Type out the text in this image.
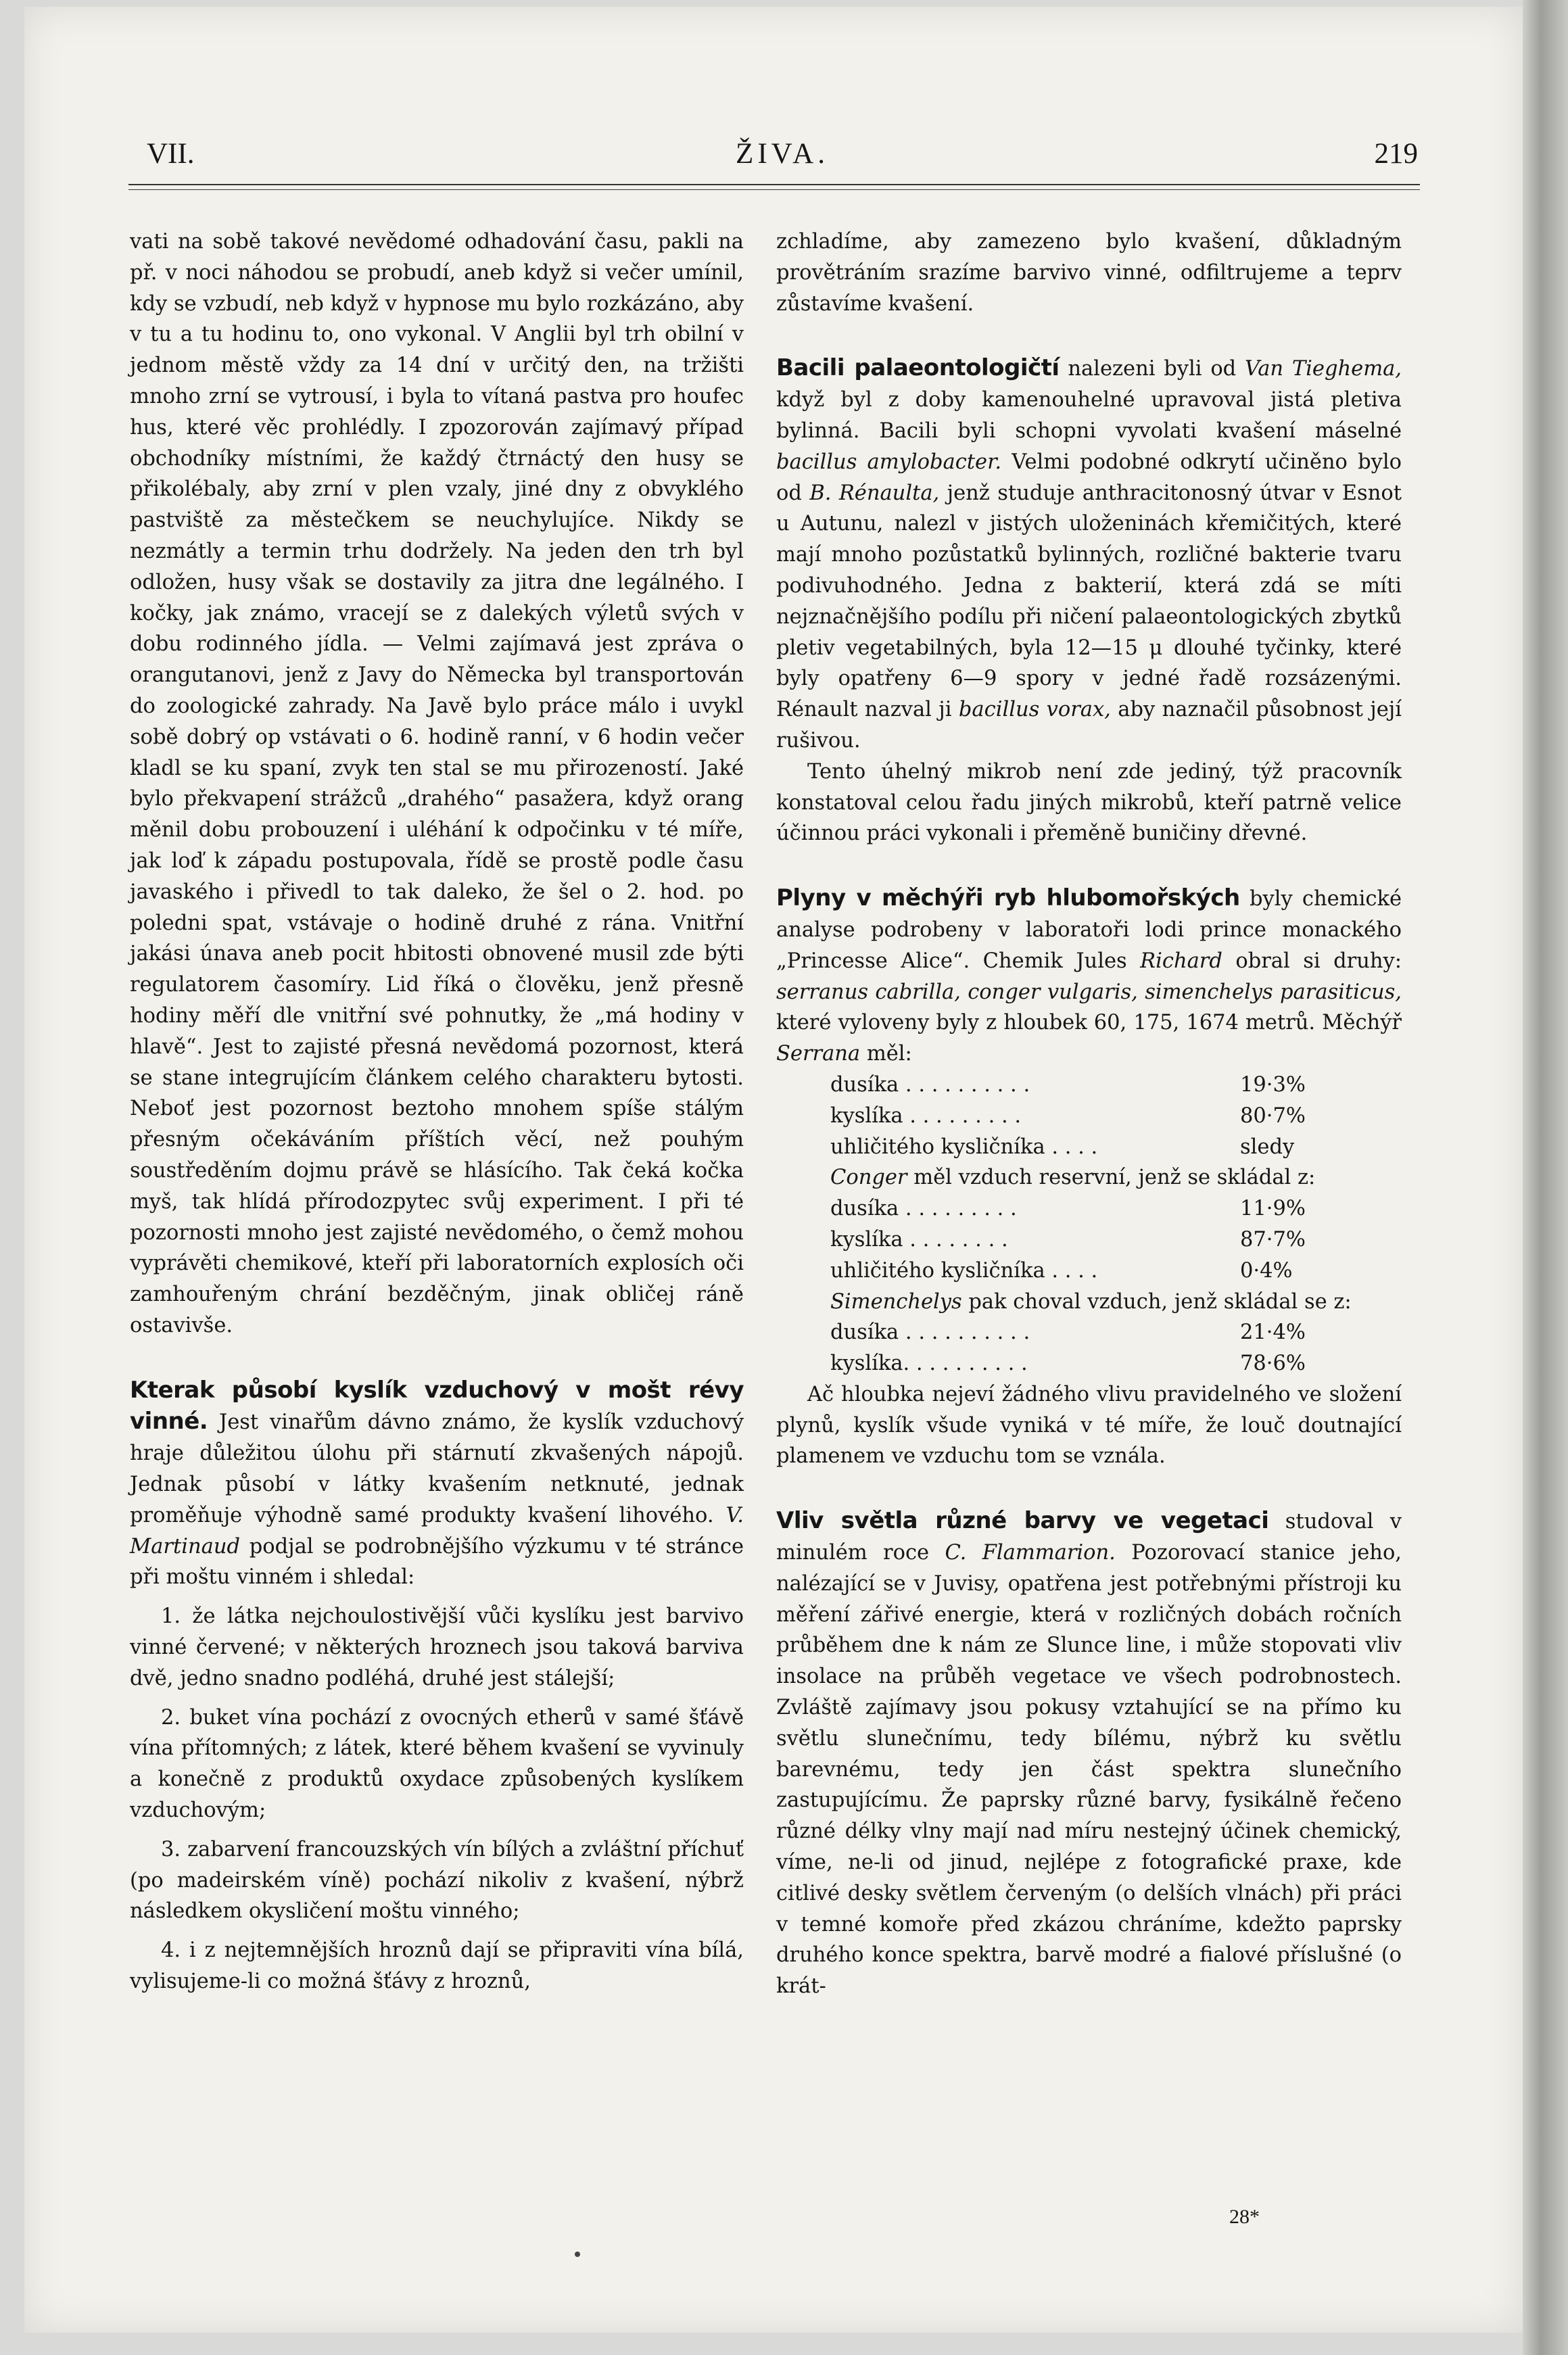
VII.	ŽIVA.	219

vati na sobě takové nevědomé odhadování času, pakli na př. v noci náhodou se probudí, aneb když si večer umínil, kdy se vzbudí, neb když v hypnose mu bylo rozkázáno, aby v tu a tu hodinu to, ono vykonal. V Anglii byl trh obilní v jednom městě vždy za 14 dní v určitý den, na tržišti mnoho zrní se vytrousí, i byla to vítaná pastva pro houfec hus, které věc prohlédly. I zpozorován zajímavý případ obchodníky místními, že každý čtrnáctý den husy se přikolébaly, aby zrní v plen vzaly, jiné dny z obvyklého pastviště za městečkem se neuchylujíce. Nikdy se nezmátly a termin trhu dodržely. Na jeden den trh byl odložen, husy však se dostavily za jitra dne legálného. I kočky, jak známo, vracejí se z dalekých výletů svých v dobu rodinného jídla. — Velmi zajímavá jest zpráva o orangutanovi, jenž z Javy do Německa byl transportován do zoologické zahrady. Na Javě bylo práce málo i uvykl sobě dobrý op vstávati o 6. hodině ranní, v 6 hodin večer kladl se ku spaní, zvyk ten stal se mu přirozeností. Jaké bylo překvapení strážců „drahého“ pasažera, když orang měnil dobu probouzení i uléhání k odpočinku v té míře, jak loď k západu postupovala, řídě se prostě podle času javaského i přivedl to tak daleko, že šel o 2. hod. po poledni spat, vstávaje o hodině druhé z rána. Vnitřní jakási únava aneb pocit hbitosti obnovené musil zde býti regulatorem časomíry. Lid říká o člověku, jenž přesně hodiny měří dle vnitřní své pohnutky, že „má hodiny v hlavě“. Jest to zajisté přesná nevědomá pozornost, která se stane integrujícím článkem celého charakteru bytosti. Neboť jest pozornost beztoho mnohem spíše stálým přesným očekáváním příštích věcí, než pouhým soustředěním dojmu právě se hlásícího. Tak čeká kočka myš, tak hlídá přírodozpytec svůj experiment. I při té pozornosti mnoho jest zajisté nevědomého, o čemž mohou vyprávěti chemikové, kteří při laboratorních explosích oči zamhouřeným chrání bezděčným, jinak obličej ráně ostavivše.

Kterak působí kyslík vzduchový v mošt révy vinné. Jest vinařům dávno známo, že kyslík vzduchový hraje důležitou úlohu při stárnutí zkvašených nápojů. Jednak působí v látky kvašením netknuté, jednak proměňuje výhodně samé produkty kvašení lihového. V. Martinaud podjal se podrobnějšího výzkumu v té stránce při moštu vinném i shledal:

1. že látka nejchoulostivější vůči kyslíku jest barvivo vinné červené; v některých hroznech jsou taková barviva dvě, jedno snadno podléhá, druhé jest stálejší;

2. buket vína pochází z ovocných etherů v samé šťávě vína přítomných; z látek, které během kvašení se vyvinuly a konečně z produktů oxydace způsobených kyslíkem vzduchovým;

3. zabarvení francouzských vín bílých a zvláštní příchuť (po madeirském víně) pochází nikoliv z kvašení, nýbrž následkem okysličení moštu vinného;

4. i z nejtemnějších hroznů dají se připraviti vína bílá, vylisujeme-li co možná šťávy z hroznů,

zchladíme, aby zamezeno bylo kvašení, důkladným provětráním srazíme barvivo vinné, odfiltrujeme a teprv zůstavíme kvašení.

Bacili palaeontologičtí nalezeni byli od Van Tieghema, když byl z doby kamenouhelné upravoval jistá pletiva bylinná. Bacili byli schopni vyvolati kvašení máselné bacillus amylobacter. Velmi podobné odkrytí učiněno bylo od B. Rénaulta, jenž studuje anthracitonosný útvar v Esnot u Autunu, nalezl v jistých uloženinách křemičitých, které mají mnoho pozůstatků bylinných, rozličné bakterie tvaru podivuhodného. Jedna z bakterií, která zdá se míti nejznačnějšího podílu při ničení palaeontologických zbytků pletiv vegetabilných, byla 12—15 μ dlouhé tyčinky, které byly opatřeny 6—9 spory v jedné řadě rozsázenými. Rénault nazval ji bacillus vorax, aby naznačil působnost její rušivou.

Tento úhelný mikrob není zde jediný, týž pracovník konstatoval celou řadu jiných mikrobů, kteří patrně velice účinnou práci vykonali i přeměně buničiny dřevné.

Plyny v měchýři ryb hlubomořských byly chemické analyse podrobeny v laboratoři lodi prince monackého „Princesse Alice“. Chemik Jules Richard obral si druhy: serranus cabrilla, conger vulgaris, simenchelys parasiticus, které vyloveny byly z hloubek 60, 175, 1674 metrů. Měchýř Serrana měl:

dusíka . . . . . . . . . .	19·3%
kyslíka . . . . . . . . .	80·7%
uhličitého kysličníka . . . .	sledy

Conger měl vzduch reservní, jenž se skládal z:

dusíka . . . . . . . . .	11·9%
kyslíka . . . . . . . .	87·7%
uhličitého kysličníka . . . .	0·4%

Simenchelys pak choval vzduch, jenž skládal se z:

dusíka . . . . . . . . . .	21·4%
kyslíka. . . . . . . . . .	78·6%

Ač hloubka nejeví žádného vlivu pravidelného ve složení plynů, kyslík všude vyniká v té míře, že louč doutnající plamenem ve vzduchu tom se vznála.

Vliv světla různé barvy ve vegetaci studoval v minulém roce C. Flammarion. Pozorovací stanice jeho, nalézající se v Juvisy, opatřena jest potřebnými přístroji ku měření zářivé energie, která v rozličných dobách ročních průběhem dne k nám ze Slunce line, i může stopovati vliv insolace na průběh vegetace ve všech podrobnostech. Zvláště zajímavy jsou pokusy vztahující se na přímo ku světlu slunečnímu, tedy bílému, nýbrž ku světlu barevnému, tedy jen část spektra slunečního zastupujícímu. Že paprsky různé barvy, fysikálně řečeno různé délky vlny mají nad míru nestejný účinek chemický, víme, ne-li od jinud, nejlépe z fotografické praxe, kde citlivé desky světlem červeným (o delších vlnách) při práci v temné komoře před zkázou chráníme, kdežto paprsky druhého konce spektra, barvě modré a fialové příslušné (o krát-

28*
